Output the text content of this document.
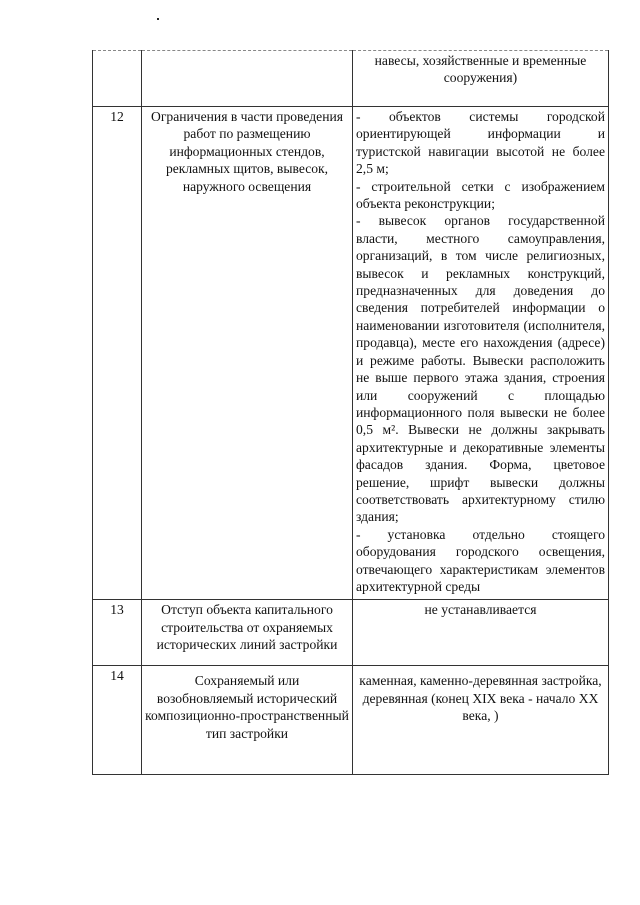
		навесы, хозяйственные и временные сооружения)
12	Ограничения в части проведения работ по размещению информационных стендов, рекламных щитов, вывесок, наружного освещения	- объектов системы городской ориентирующей информации и туристской навигации высотой не более 2,5 м;
- строительной сетки с изображением объекта реконструкции;
- вывесок органов государственной власти, местного самоуправления, организаций, в том числе религиозных, вывесок и рекламных конструкций, предназначенных для доведения до сведения потребителей информации о наименовании изготовителя (исполнителя, продавца), месте его нахождения (адресе) и режиме работы. Вывески расположить не выше первого этажа здания, строения или сооружений с площадью информационного поля вывески не более 0,5 м². Вывески не должны закрывать архитектурные и декоративные элементы фасадов здания. Форма, цветовое решение, шрифт вывески должны соответствовать архитектурному стилю здания;
- установка отдельно стоящего оборудования городского освещения, отвечающего характеристикам элементов архитектурной среды

13	Отступ объекта капитального строительства от охраняемых исторических линий застройки	не устанавливается
14	Сохраняемый или возобновляемый исторический композиционно-пространственный тип застройки	каменная, каменно-деревянная застройка, деревянная (конец XIX века - начало XX века, )
